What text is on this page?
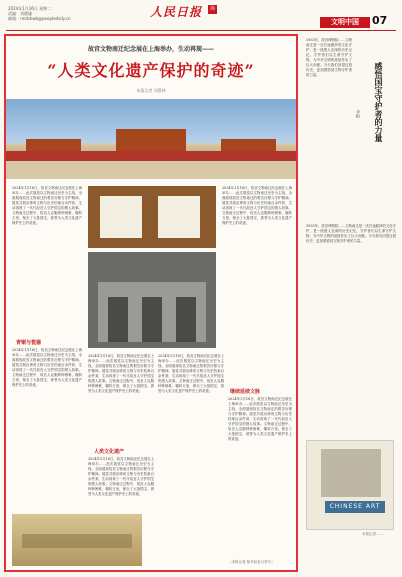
2024年1月16日 星期二
责编：刘晓谦
邮箱：rmrbhwb@peopledaily.cn	人民日报	海外	文明中国	07
故宫文物南迁纪念展在上海举办，生动再现——
“人类文化遗产保护的奇迹”
本报记者 刘墨林
2024年1月16日，故宫文物南迁纪念展在上海举办……此次展览以文物南迁历史为主线，全面展现故宫文物南迁的艰苦历程与守护精神。展览共展出珍贵文物与历史档案百余件套，生动再现了一代代故宫人守护国宝的感人故事。文物南迁过程中，故宫人克服种种困难，辗转万里，保全了大批国宝，被誉为人类文化遗产保护史上的奇迹。
青铜与瓷器
2024年1月16日，故宫文物南迁纪念展在上海举办……此次展览以文物南迁历史为主线，全面展现故宫文物南迁的艰苦历程与守护精神。展览共展出珍贵文物与历史档案百余件套，生动再现了一代代故宫人守护国宝的感人故事。文物南迁过程中，故宫人克服种种困难，辗转万里，保全了大批国宝，被誉为人类文化遗产保护史上的奇迹。
2024年1月16日，故宫文物南迁纪念展在上海举办……此次展览以文物南迁历史为主线，全面展现故宫文物南迁的艰苦历程与守护精神。展览共展出珍贵文物与历史档案百余件套，生动再现了一代代故宫人守护国宝的感人故事。文物南迁过程中，故宫人克服种种困难，辗转万里，保全了大批国宝，被誉为人类文化遗产保护史上的奇迹。
人类文化遗产
2024年1月16日，故宫文物南迁纪念展在上海举办……此次展览以文物南迁历史为主线，全面展现故宫文物南迁的艰苦历程与守护精神。展览共展出珍贵文物与历史档案百余件套，生动再现了一代代故宫人守护国宝的感人故事。文物南迁过程中，故宫人克服种种困难，辗转万里，保全了大批国宝，被誉为人类文化遗产保护史上的奇迹。
2024年1月16日，故宫文物南迁纪念展在上海举办……此次展览以文物南迁历史为主线，全面展现故宫文物南迁的艰苦历程与守护精神。展览共展出珍贵文物与历史档案百余件套，生动再现了一代代故宫人守护国宝的感人故事。文物南迁过程中，故宫人克服种种困难，辗转万里，保全了大批国宝，被誉为人类文化遗产保护史上的奇迹。
2024年1月16日，故宫文物南迁纪念展在上海举办……此次展览以文物南迁历史为主线，全面展现故宫文物南迁的艰苦历程与守护精神。展览共展出珍贵文物与历史档案百余件套，生动再现了一代代故宫人守护国宝的感人故事。文物南迁过程中，故宫人克服种种困难，辗转万里，保全了大批国宝，被誉为人类文化遗产保护史上的奇迹。
继续延续文脉
2024年1月16日，故宫文物南迁纪念展在上海举办……此次展览以文物南迁历史为主线，全面展现故宫文物南迁的艰苦历程与守护精神。展览共展出珍贵文物与历史档案百余件套，生动再现了一代代故宫人守护国宝的感人故事。文物南迁过程中，故宫人克服种种困难，辗转万里，保全了大批国宝，被誉为人类文化遗产保护史上的奇迹。
（本报记者 陈华辰参与采写）
1933年，故宫博物院……文物南迁是一次长途跋涉的文化守护，是一段感人至深的历史记忆。守护者们以生命守护文物，为中华文明的延续作出了巨大贡献。今天我们回望这段历史，更加感悟到文物守护者的力量。
1933年，故宫博物院……文物南迁是一次长途跋涉的文化守护，是一段感人至深的历史记忆。守护者们以生命守护文物，为中华文明的延续作出了巨大贡献。今天我们回望这段历史，更加感悟到文物守护者的力量。
本报记者……
感悟国宝守护者的力量
李帆
CHINESE ART
